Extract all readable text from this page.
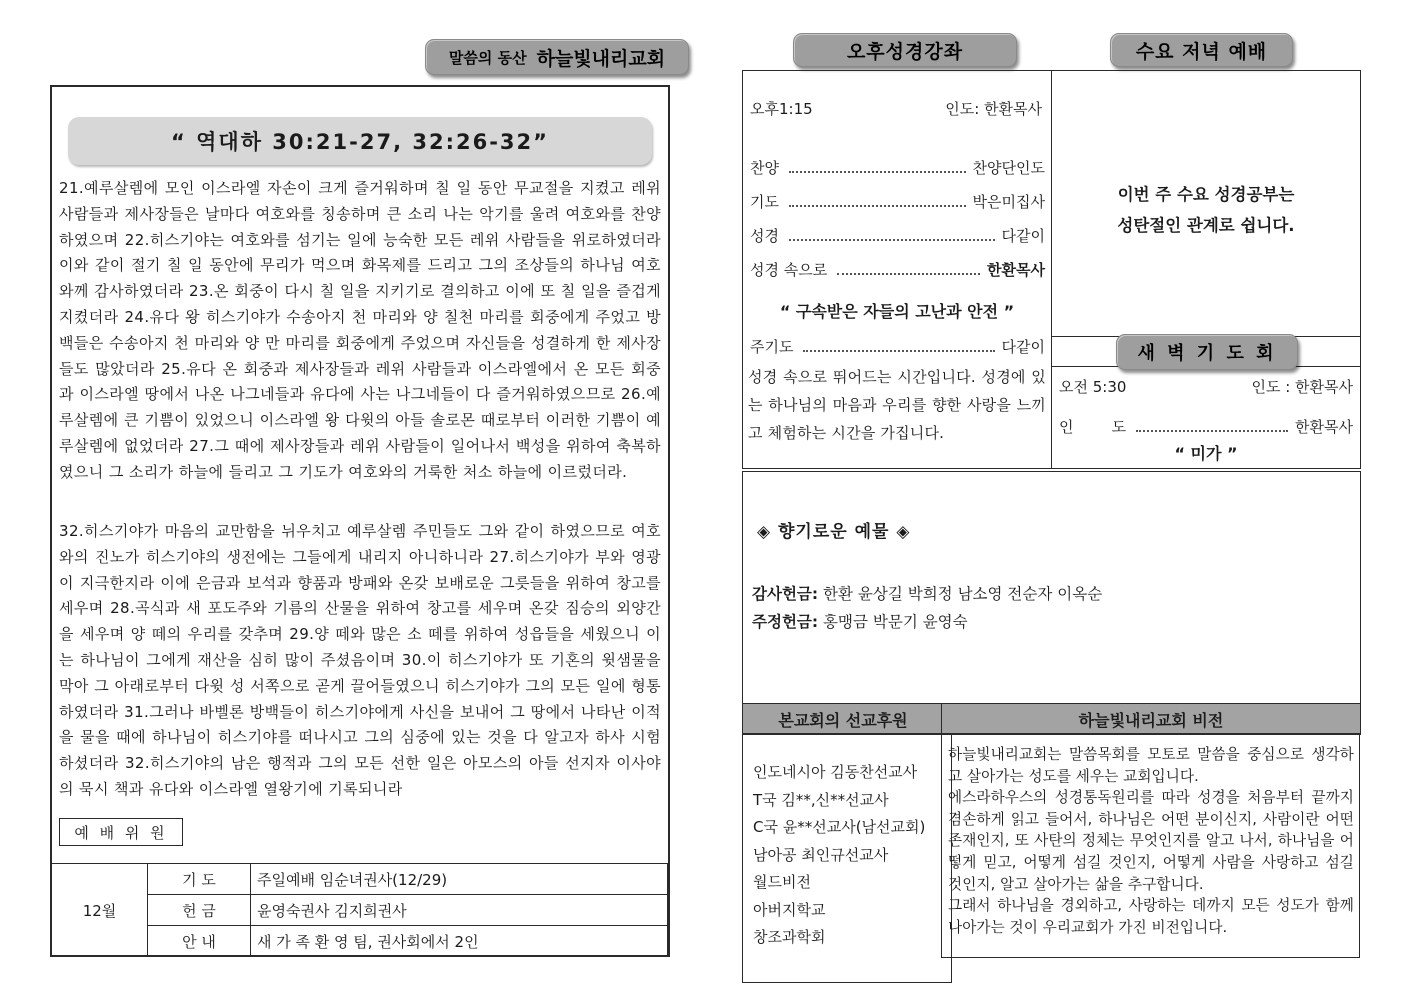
말씀의 동산 하늘빛내리교회
“ 역대하 30:21-27, 32:26-32”
21.예루살렘에 모인 이스라엘 자손이 크게 즐거워하며 칠 일 동안 무교절을 지켰고 레위 사람들과 제사장들은 날마다 여호와를 칭송하며 큰 소리 나는 악기를 울려 여호와를 찬양하였으며 22.히스기야는 여호와를 섬기는 일에 능숙한 모든 레위 사람들을 위로하였더라 이와 같이 절기 칠 일 동안에 무리가 먹으며 화목제를 드리고 그의 조상들의 하나님 여호와께 감사하였더라 23.온 회중이 다시 칠 일을 지키기로 결의하고 이에 또 칠 일을 즐겁게 지켰더라 24.유다 왕 히스기야가 수송아지 천 마리와 양 칠천 마리를 회중에게 주었고 방백들은 수송아지 천 마리와 양 만 마리를 회중에게 주었으며 자신들을 성결하게 한 제사장들도 많았더라 25.유다 온 회중과 제사장들과 레위 사람들과 이스라엘에서 온 모든 회중과 이스라엘 땅에서 나온 나그네들과 유다에 사는 나그네들이 다 즐거워하였으므로 26.예루살렘에 큰 기쁨이 있었으니 이스라엘 왕 다윗의 아들 솔로몬 때로부터 이러한 기쁨이 예루살렘에 없었더라 27.그 때에 제사장들과 레위 사람들이 일어나서 백성을 위하여 축복하였으니 그 소리가 하늘에 들리고 그 기도가 여호와의 거룩한 처소 하늘에 이르렀더라.
32.히스기야가 마음의 교만함을 뉘우치고 예루살렘 주민들도 그와 같이 하였으므로 여호와의 진노가 히스기야의 생전에는 그들에게 내리지 아니하니라 27.히스기야가 부와 영광이 지극한지라 이에 은금과 보석과 향품과 방패와 온갖 보배로운 그릇들을 위하여 창고를 세우며 28.곡식과 새 포도주와 기름의 산물을 위하여 창고를 세우며 온갖 짐승의 외양간을 세우며 양 떼의 우리를 갖추며 29.양 떼와 많은 소 떼를 위하여 성읍들을 세웠으니 이는 하나님이 그에게 재산을 심히 많이 주셨음이며 30.이 히스기야가 또 기혼의 윗샘물을 막아 그 아래로부터 다윗 성 서쪽으로 곧게 끌어들였으니 히스기야가 그의 모든 일에 형통하였더라 31.그러나 바벨론 방백들이 히스기야에게 사신을 보내어 그 땅에서 나타난 이적을 물을 때에 하나님이 히스기야를 떠나시고 그의 심중에 있는 것을 다 알고자 하사 시험하셨더라 32.히스기야의 남은 행적과 그의 모든 선한 일은 아모스의 아들 선지자 이사야의 묵시 책과 유다와 이스라엘 열왕기에 기록되니라
예 배 위 원
12월	기 도	주일예배 임순녀권사(12/29)
	헌 금	윤영숙권사 김지희권사
	안 내	새 가 족 환 영 팀, 권사회에서 2인
오후성경강좌	수요 저녁 예배
오후1:15	인도: 한환목사
찬양	찬양단인도
기도	박은미집사
성경	다같이
성경 속으로	한환목사
“ 구속받은 자들의 고난과 안전 ”
주기도	다같이
성경 속으로 뛰어드는 시간입니다. 성경에 있는 하나님의 마음과 우리를 향한 사랑을 느끼고 체험하는 시간을 가집니다.
이번 주 수요 성경공부는
성탄절인 관계로 쉽니다.
새 벽 기 도 회
오전 5:30	인도 : 한환목사
인        도	한환목사
“ 미가 ”
◈ 향기로운 예물 ◈
감사헌금: 한환 윤상길 박희정 남소영 전순자 이옥순
주정헌금: 홍맹금 박문기 윤영숙
본교회의 선교후원	하늘빛내리교회 비전
인도네시아 김동찬선교사
T국 김**,신**선교사
C국 윤**선교사(남선교회)
남아공 최인규선교사
월드비전
아버지학교
창조과학회

하늘빛내리교회는 말씀목회를 모토로 말씀을 중심으로 생각하고 살아가는 성도를 세우는 교회입니다.

에스라하우스의 성경통독원리를 따라 성경을 처음부터 끝까지 겸손하게 읽고 들어서, 하나님은 어떤 분이신지, 사람이란 어떤 존재인지, 또 사탄의 정체는 무엇인지를 알고 나서, 하나님을 어떻게 믿고, 어떻게 섬길 것인지, 어떻게 사람을 사랑하고 섬길 것인지, 알고 살아가는 삶을 추구합니다.

그래서 하나님을 경외하고, 사랑하는 데까지 모든 성도가 함께 나아가는 것이 우리교회가 가진 비전입니다.
